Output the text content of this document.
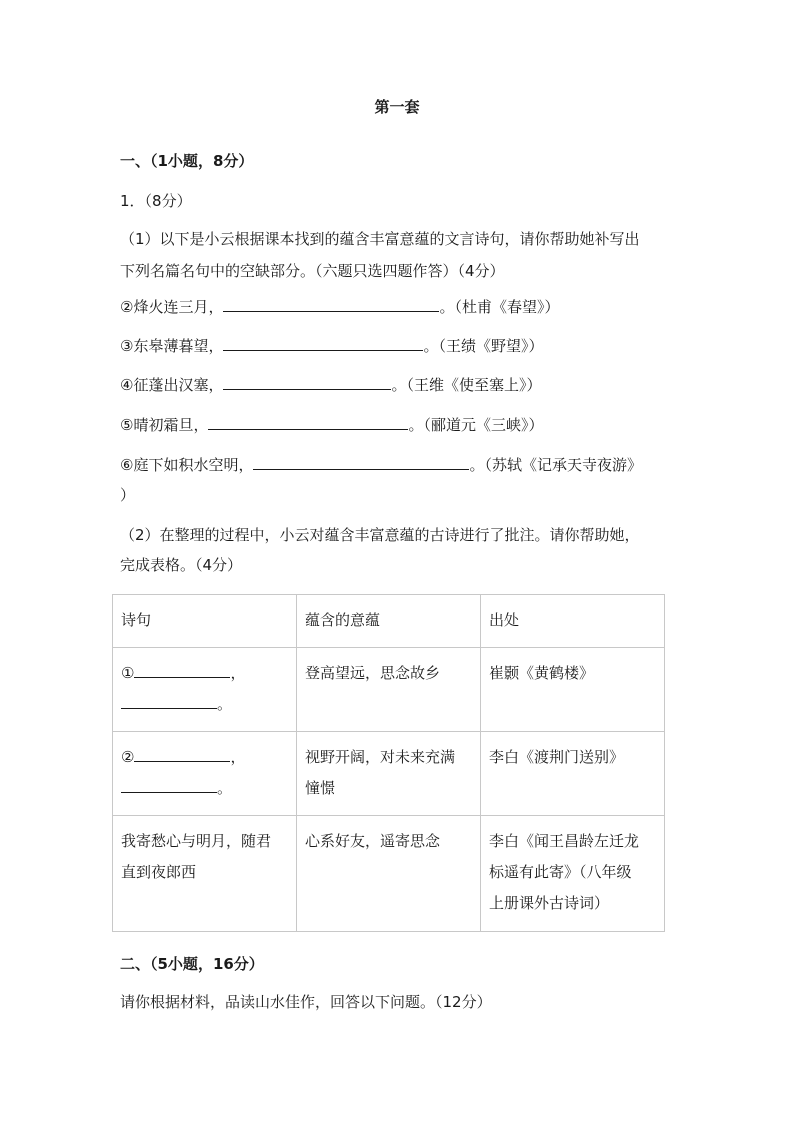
第一套
一、（1小题，8分）
1．（8分）
（1）以下是小云根据课本找到的蕴含丰富意蕴的文言诗句，请你帮助她补写出
下列名篇名句中的空缺部分。（六题只选四题作答）（4分）
②烽火连三月，	。（杜甫《春望》）
③东皋薄暮望，	。（王绩《野望》）
④征蓬出汉塞，	。（王维《使至塞上》）
⑤晴初霜旦，	。（郦道元《三峡》）
⑥庭下如积水空明，	。（苏轼《记承天寺夜游》
）
（2）在整理的过程中，小云对蕴含丰富意蕴的古诗进行了批注。请你帮助她，
完成表格。（4分）
诗句	蕴含的意蕴	出处

① ，
。	登高望远，思念故乡	崔颢《黄鹤楼》

② ，
。	视野开阔，对未来充满
憧憬	李白《渡荆门送别》

我寄愁心与明月，随君
直到夜郎西	心系好友，遥寄思念	李白《闻王昌龄左迁龙
标遥有此寄》（八年级
上册课外古诗词）
二、（5小题，16分）
请你根据材料，品读山水佳作，回答以下问题。（12分）
